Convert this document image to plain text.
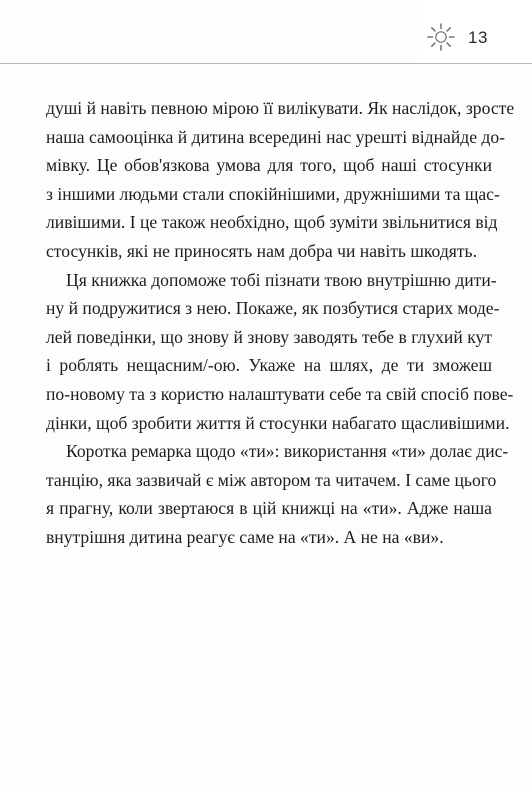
13

душі й навіть певною мірою її вилікувати. Як наслідок, зросте
наша самооцінка й дитина всередині нас урешті віднайде до-
мівку. Це обов'язкова умова для того, щоб наші стосунки
з іншими людьми стали спокійнішими, дружнішими та щас-
ливішими. І це також необхідно, щоб зуміти звільнитися від
стосунків, які не приносять нам добра чи навіть шкодять.

Ця книжка допоможе тобі пізнати твою внутрішню дити-
ну й подружитися з нею. Покаже, як позбутися старих моде-
лей поведінки, що знову й знову заводять тебе в глухий кут
і роблять нещасним/-ою. Укаже на шлях, де ти зможеш
по-новому та з користю налаштувати себе та свій спосіб пове-
дінки, щоб зробити життя й стосунки набагато щасливішими.

Коротка ремарка щодо «ти»: використання «ти» долає дис-
танцію, яка зазвичай є між автором та читачем. І саме цього
я прагну, коли звертаюся в цій книжці на «ти». Адже наша
внутрішня дитина реагує саме на «ти». А не на «ви».
